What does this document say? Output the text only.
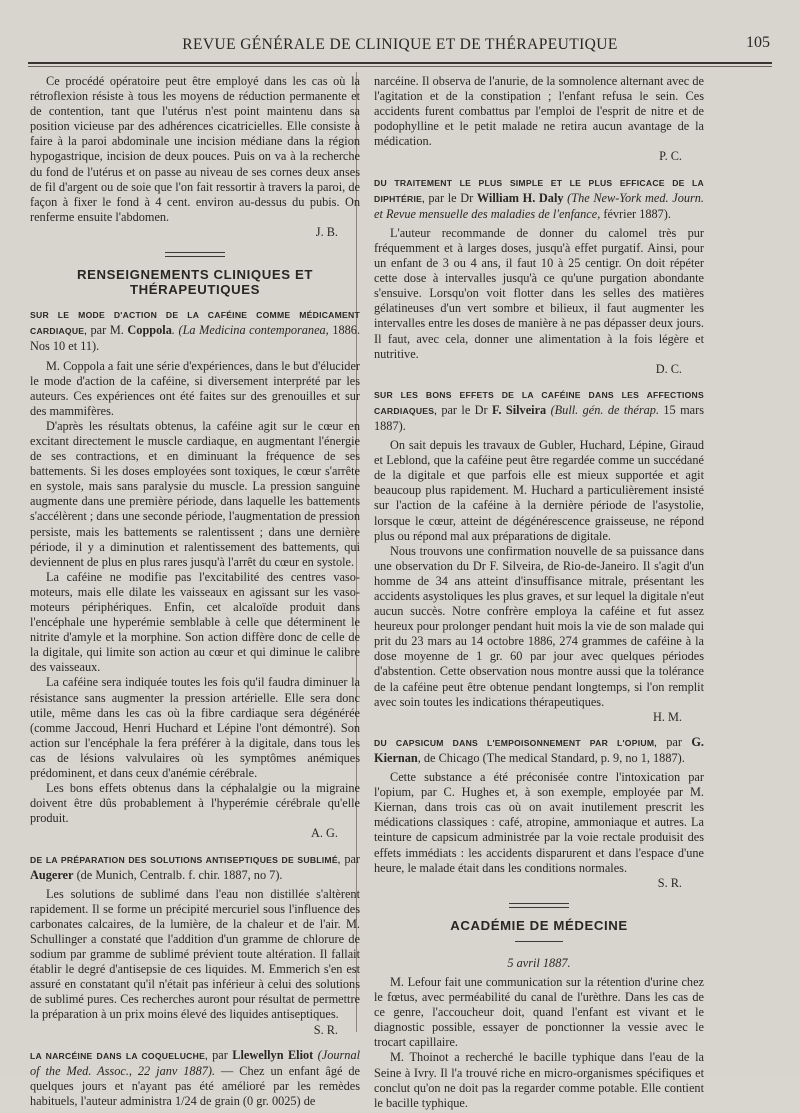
REVUE GÉNÉRALE DE CLINIQUE ET DE THÉRAPEUTIQUE	105

Ce procédé opératoire peut être employé dans les cas où la rétroflexion résiste à tous les moyens de réduction permanente et de contention, tant que l'utérus n'est point maintenu dans sa position vicieuse par des adhérences cicatricielles. Elle consiste à faire à la paroi abdominale une incision médiane dans la région hypogastrique, incision de deux pouces. Puis on va à la recherche du fond de l'utérus et on passe au niveau de ses cornes deux anses de fil d'argent ou de soie que l'on fait ressortir à travers la paroi, de façon à fixer le fond à 4 cent. environ au-dessus du pubis. On renferme ensuite l'abdomen.

J. B.
RENSEIGNEMENTS CLINIQUES ET THÉRAPEUTIQUES

SUR LE MODE D'ACTION DE LA CAFÉINE COMME MÉDICAMENT CARDIAQUE, par M. Coppola. (La Medicina contemporanea, 1886. Nos 10 et 11).

M. Coppola a fait une série d'expériences, dans le but d'élucider le mode d'action de la caféine, si diversement interprété par les auteurs. Ces expériences ont été faites sur des grenouilles et sur des mammifères.

D'après les résultats obtenus, la caféine agit sur le cœur en excitant directement le muscle cardiaque, en augmentant l'énergie de ses contractions, et en diminuant la fréquence de ses battements. Si les doses employées sont toxiques, le cœur s'arrête en systole, mais sans paralysie du muscle. La pression sanguine augmente dans une première période, dans laquelle les battements s'accélèrent ; dans une seconde période, l'augmentation de pression persiste, mais les battements se ralentissent ; dans une dernière période, il y a diminution et ralentissement des battements, qui deviennent de plus en plus rares jusqu'à l'arrêt du cœur en systole.

La caféine ne modifie pas l'excitabilité des centres vaso-moteurs, mais elle dilate les vaisseaux en agissant sur les vaso-moteurs périphériques. Enfin, cet alcaloïde produit dans l'encéphale une hyperémie semblable à celle que déterminent le nitrite d'amyle et la morphine. Son action diffère donc de celle de la digitale, qui limite son action au cœur et qui diminue le calibre des vaisseaux.

La caféine sera indiquée toutes les fois qu'il faudra diminuer la résistance sans augmenter la pression artérielle. Elle sera donc utile, même dans les cas où la fibre cardiaque sera dégénérée (comme Jaccoud, Henri Huchard et Lépine l'ont démontré). Son action sur l'encéphale la fera préférer à la digitale, dans tous les cas de lésions valvulaires où les symptômes anémiques prédominent, et dans ceux d'anémie cérébrale.

Les bons effets obtenus dans la céphalalgie ou la migraine doivent être dûs probablement à l'hyperémie cérébrale qu'elle produit.

A. G.

DE LA PRÉPARATION DES SOLUTIONS ANTISEPTIQUES DE SUBLIMÉ, par Augerer (de Munich, Centralb. f. chir. 1887, no 7).

Les solutions de sublimé dans l'eau non distillée s'altèrent rapidement. Il se forme un précipité mercuriel sous l'influence des carbonates calcaires, de la lumière, de la chaleur et de l'air. M. Schullinger a constaté que l'addition d'un gramme de chlorure de sodium par gramme de sublimé prévient toute altération. Il fallait établir le degré d'antisepsie de ces liquides. M. Emmerich s'en est assuré en constatant qu'il n'était pas inférieur à celui des solutions de sublimé pures. Ces recherches auront pour résultat de permettre la préparation à un prix moins élevé des liquides antiseptiques.

S. R.

LA NARCÉINE DANS LA COQUELUCHE, par Llewellyn Eliot (Journal of the Med. Assoc., 22 janv 1887). — Chez un enfant âgé de quelques jours et n'ayant pas été amélioré par les remèdes habituels, l'auteur administra 1/24 de grain (0 gr. 0025) de

narcéine. Il observa de l'anurie, de la somnolence alternant avec de l'agitation et de la constipation ; l'enfant refusa le sein. Ces accidents furent combattus par l'emploi de l'esprit de nitre et de podophylline et le petit malade ne retira aucun avantage de la médication.

P. C.

DU TRAITEMENT LE PLUS SIMPLE ET LE PLUS EFFICACE DE LA DIPHTÉRIE, par le Dr William H. Daly (The New-York med. Journ. et Revue mensuelle des maladies de l'enfance, février 1887).

L'auteur recommande de donner du calomel très pur fréquemment et à larges doses, jusqu'à effet purgatif. Ainsi, pour un enfant de 3 ou 4 ans, il faut 10 à 25 centigr. On doit répéter cette dose à intervalles jusqu'à ce qu'une purgation abondante s'ensuive. Lorsqu'on voit flotter dans les selles des matières gélatineuses d'un vert sombre et bilieux, il faut augmenter les intervalles entre les doses de manière à ne pas dépasser deux jours. Il faut, avec cela, donner une alimentation à la fois légère et nutritive.

D. C.

SUR LES BONS EFFETS DE LA CAFÉINE DANS LES AFFECTIONS CARDIAQUES, par le Dr F. Silveira (Bull. gén. de thérap. 15 mars 1887).

On sait depuis les travaux de Gubler, Huchard, Lépine, Giraud et Leblond, que la caféine peut être regardée comme un succédané de la digitale et que parfois elle est mieux supportée et agit beaucoup plus rapidement. M. Huchard a particulièrement insisté sur l'action de la caféine à la dernière période de l'asystolie, lorsque le cœur, atteint de dégénérescence graisseuse, ne répond plus ou répond mal aux préparations de digitale.

Nous trouvons une confirmation nouvelle de sa puissance dans une observation du Dr F. Silveira, de Rio-de-Janeiro. Il s'agit d'un homme de 34 ans atteint d'insuffisance mitrale, présentant les accidents asystoliques les plus graves, et sur lequel la digitale n'eut aucun succès. Notre confrère employa la caféine et fut assez heureux pour prolonger pendant huit mois la vie de son malade qui prit du 23 mars au 14 octobre 1886, 274 grammes de caféine à la dose moyenne de 1 gr. 60 par jour avec quelques périodes d'abstention. Cette observation nous montre aussi que la tolérance de la caféine peut être obtenue pendant longtemps, si l'on remplit avec soin toutes les indications thérapeutiques.

H. M.

DU CAPSICUM DANS L'EMPOISONNEMENT PAR L'OPIUM, par G. Kiernan, de Chicago (The medical Standard, p. 9, no 1, 1887).

Cette substance a été préconisée contre l'intoxication par l'opium, par C. Hughes et, à son exemple, employée par M. Kiernan, dans trois cas où on avait inutilement prescrit les médications classiques : café, atropine, ammoniaque et autres. La teinture de capsicum administrée par la voie rectale produisit des effets immédiats : les accidents disparurent et dans l'espace d'une heure, le malade était dans les conditions normales.

S. R.
ACADÉMIE DE MÉDECINE
5 avril 1887.

M. Lefour fait une communication sur la rétention d'urine chez le fœtus, avec perméabilité du canal de l'urèthre. Dans les cas de ce genre, l'accoucheur doit, quand l'enfant est vivant et le diagnostic possible, essayer de ponctionner la vessie avec le trocart capillaire.

M. Thoinot a recherché le bacille typhique dans l'eau de la Seine à Ivry. Il l'a trouvé riche en micro-organismes spécifiques et conclut qu'on ne doit pas la regarder comme potable. Elle contient le bacille typhique.
